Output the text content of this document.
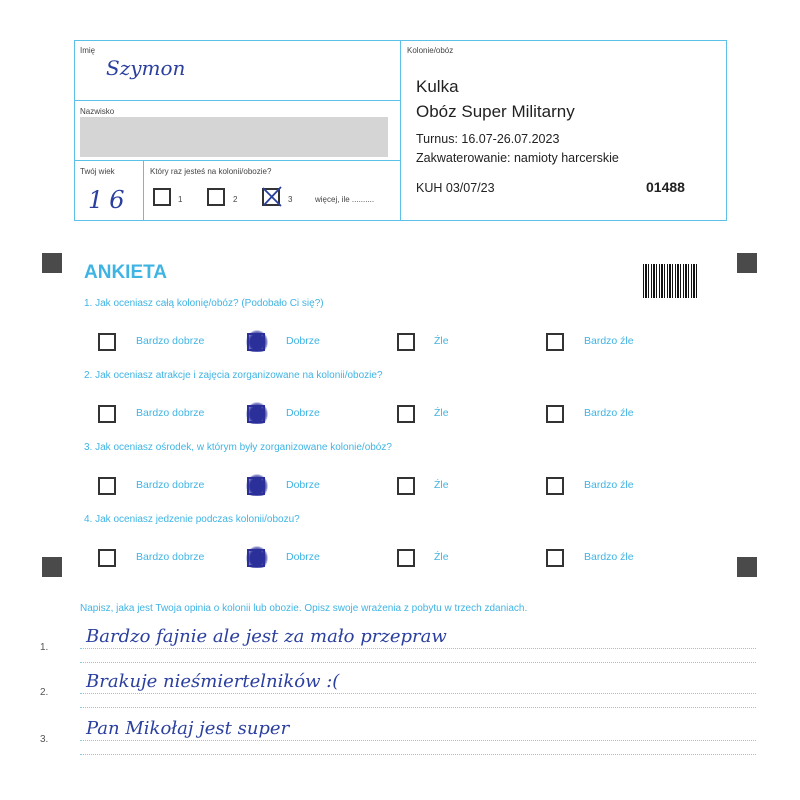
Imię
Szymon
Nazwisko
Twój wiek
16
Który raz jesteś na kolonii/obozie?
1	2	3	więcej, ile ..........
Kolonie/obóz
Kulka
Obóz Super Militarny
Turnus: 16.07-26.07.2023
Zakwaterowanie: namioty harcerskie
KUH 03/07/23	01488
ANKIETA
1. Jak oceniasz całą kolonię/obóz? (Podobało Ci się?)
Bardzo dobrze	Dobrze	Źle	Bardzo źle
2. Jak oceniasz atrakcje i zajęcia zorganizowane na kolonii/obozie?
Bardzo dobrze	Dobrze	Źle	Bardzo źle
3. Jak oceniasz ośrodek, w którym były zorganizowane kolonie/obóz?
Bardzo dobrze	Dobrze	Źle	Bardzo źle
4. Jak oceniasz jedzenie podczas kolonii/obozu?
Bardzo dobrze	Dobrze	Źle	Bardzo źle
Napisz, jaka jest Twoja opinia o kolonii lub obozie. Opisz swoje wrażenia z pobytu w trzech zdaniach.
1.
Bardzo fajnie ale jest za mało przepraw
2.
Brakuje nieśmiertelników :(
3.
Pan Mikołaj jest super
